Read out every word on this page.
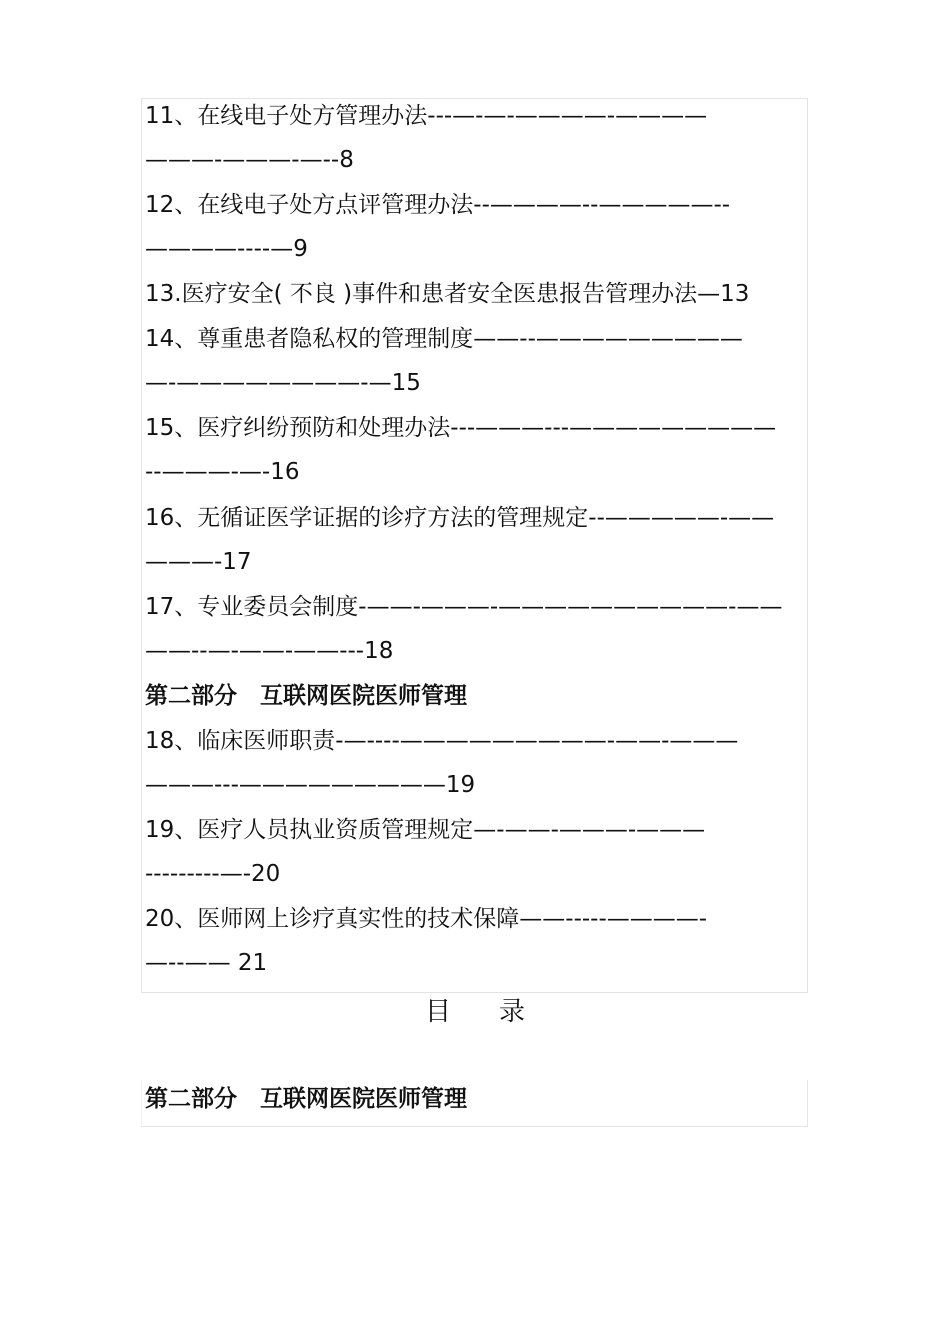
11、在线电子处方管理办法---—-—-————-————
———-———-—--8
12、在线电子处方点评管理办法--————--—————--
————----—9
13.医疗安全( 不良 )事件和患者安全医患报告管理办法—13
14、尊重患者隐私权的管理制度——--—————————
—-————————-—15
15、医疗纠纷预防和处理办法---———---—————————
--———-—-16
16、无循证医学证据的诊疗方法的管理规定--—————-——
———-17
17、专业委员会制度-——-———-——————————-——
——--—-——-——---18
第二部分　互联网医院医师管理
18、临床医师职责-—----—————————-——-———
———---—————————19
19、医疗人员执业资质管理规定—-——-———-———
---------—-20
20、医师网上诊疗真实性的技术保障——-----————-
—--—— 21
目 录
第二部分　互联网医院医师管理
